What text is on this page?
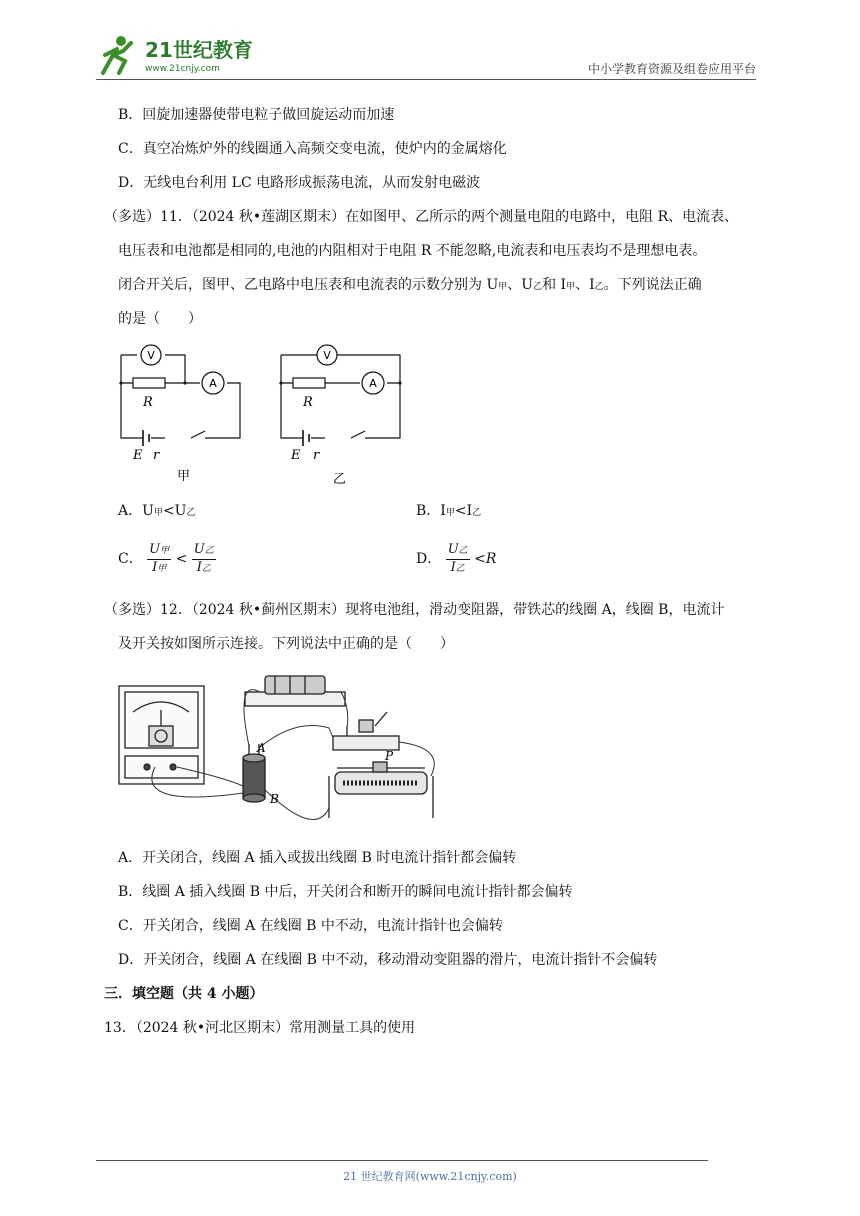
21世纪教育
www.21cnjy.com	中小学教育资源及组卷应用平台
B．回旋加速器使带电粒子做回旋运动而加速
C．真空冶炼炉外的线圈通入高频交变电流，使炉内的金属熔化
D．无线电台利用 LC 电路形成振荡电流，从而发射电磁波
（多选）11．（2024 秋•莲湖区期末）在如图甲、乙所示的两个测量电阻的电路中，电阻 R、电流表、
电压表和电池都是相同的,电池的内阻相对于电阻 R 不能忽略,电流表和电压表均不是理想电表。
闭合开关后，图甲、乙电路中电压表和电流表的示数分别为 U甲、U乙和 I甲、I乙。下列说法正确
的是（　　）
V
A
V
A
R
E r
R
E r
甲	乙
A．U甲<U乙	B．I甲<I乙
C． $\frac{\text{U甲}}{\text{I甲}} < \frac{\text{U乙}}{\text{I乙}}$	D． $\frac{\text{U乙}}{\text{I乙}} <R$
（多选）12．（2024 秋•蓟州区期末）现将电池组，滑动变阻器，带铁芯的线圈 A，线圈 B，电流计
及开关按如图所示连接。下列说法中正确的是（　　）
A
B
P
A．开关闭合，线圈 A 插入或拔出线圈 B 时电流计指针都会偏转
B．线圈 A 插入线圈 B 中后，开关闭合和断开的瞬间电流计指针都会偏转
C．开关闭合，线圈 A 在线圈 B 中不动，电流计指针也会偏转
D．开关闭合，线圈 A 在线圈 B 中不动，移动滑动变阻器的滑片，电流计指针不会偏转
三．填空题（共 4 小题）
13．（2024 秋•河北区期末）常用测量工具的使用
21 世纪教育网(www.21cnjy.com)
